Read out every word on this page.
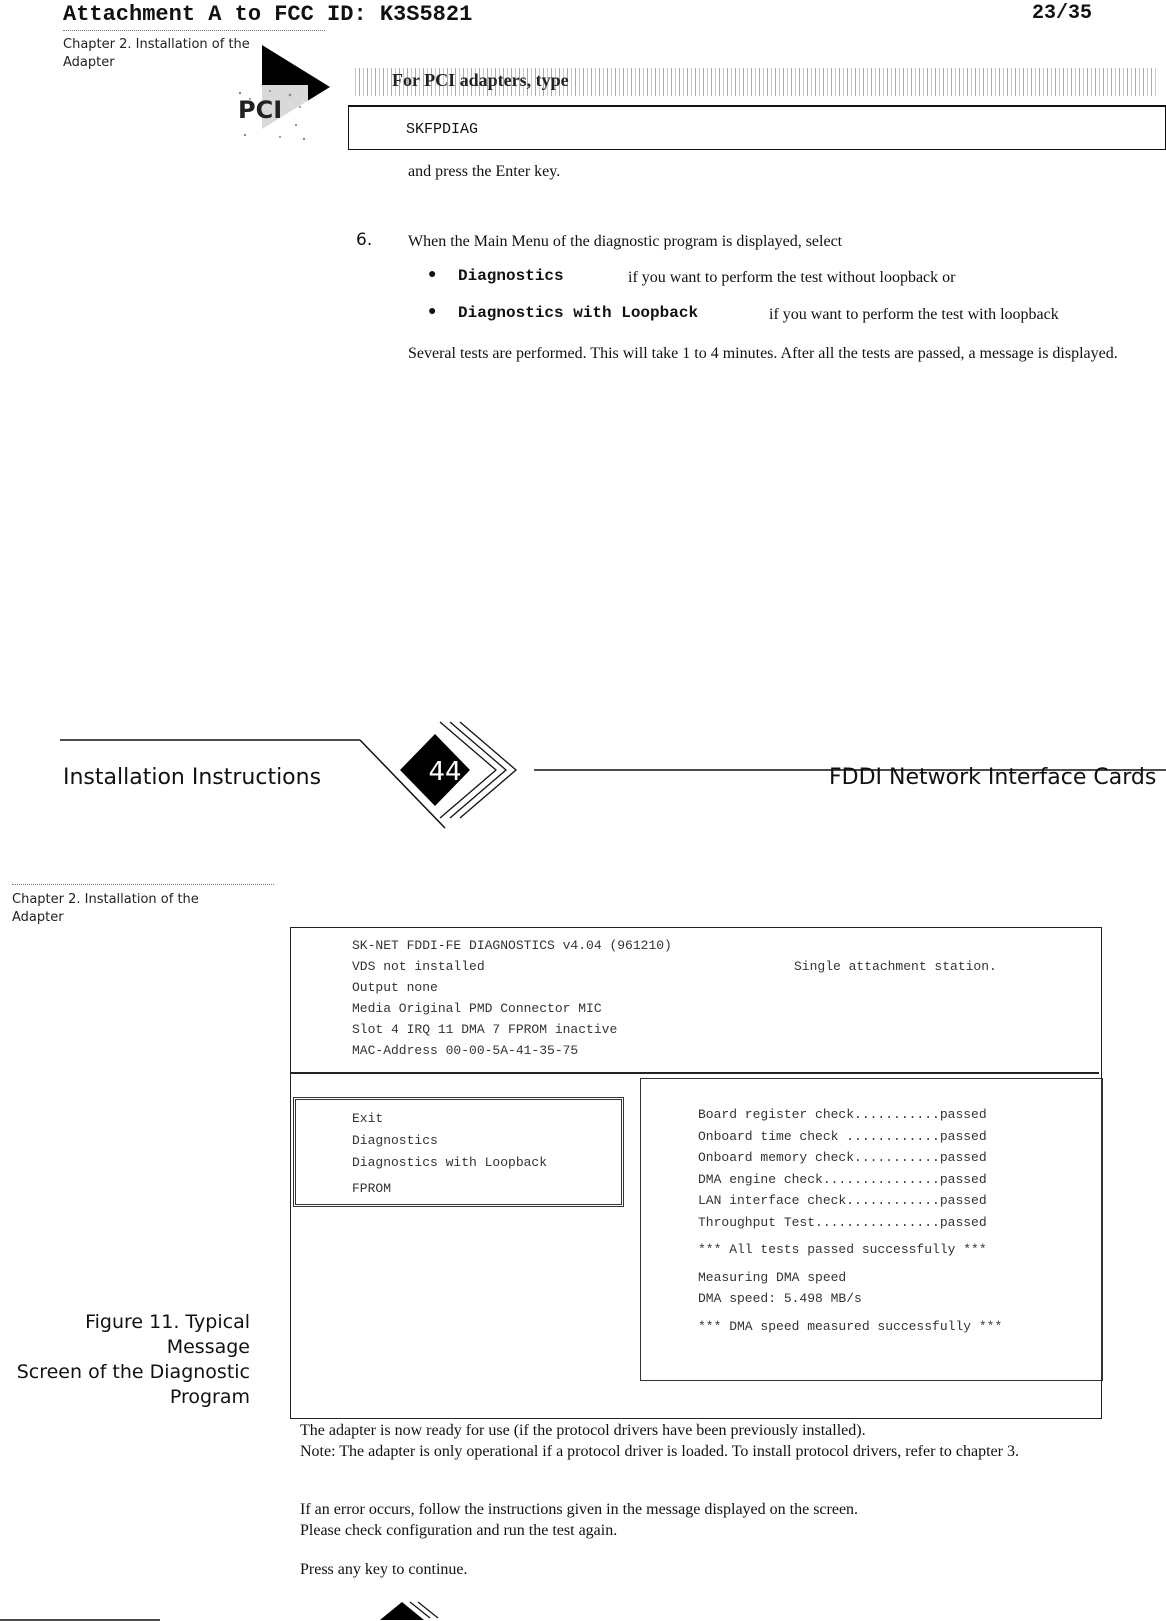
Attachment A to FCC ID: K3S5821	23/35
Chapter 2. Installation of the Adapter
PCI
For PCI adapters, type
SKFPDIAG
and press the Enter key.
6. When the Main Menu of the diagnostic program is displayed, select
● Diagnostics	if you want to perform the test without loopback or
● Diagnostics with Loopback	if you want to perform the test with loopback
Several tests are performed. This will take 1 to 4 minutes. After all the tests are passed, a message is displayed.
44
Installation Instructions	FDDI Network Interface Cards
Chapter 2. Installation of the Adapter
Figure 11. Typical Message
Screen of the Diagnostic
Program
SK-NET FDDI-FE DIAGNOSTICS v4.04 (961210)
VDS not installed
Output none
Media Original PMD Connector MIC
Slot 4 IRQ 11 DMA 7 FPROM inactive
MAC-Address 00-00-5A-41-35-75
Single attachment station.
Exit
Diagnostics
Diagnostics with Loopback
FPROM
Board register check...........passed
Onboard time check ............passed
Onboard memory check...........passed
DMA engine check...............passed
LAN interface check............passed
Throughput Test................passed
*** All tests passed successfully ***
Measuring DMA speed
DMA speed: 5.498 MB/s
*** DMA speed measured successfully ***
The adapter is now ready for use (if the protocol drivers have been previously installed).
Note: The adapter is only operational if a protocol driver is loaded. To install protocol drivers, refer to chapter 3.
If an error occurs, follow the instructions given in the message displayed on the screen.
Please check configuration and run the test again.
Press any key to continue.
